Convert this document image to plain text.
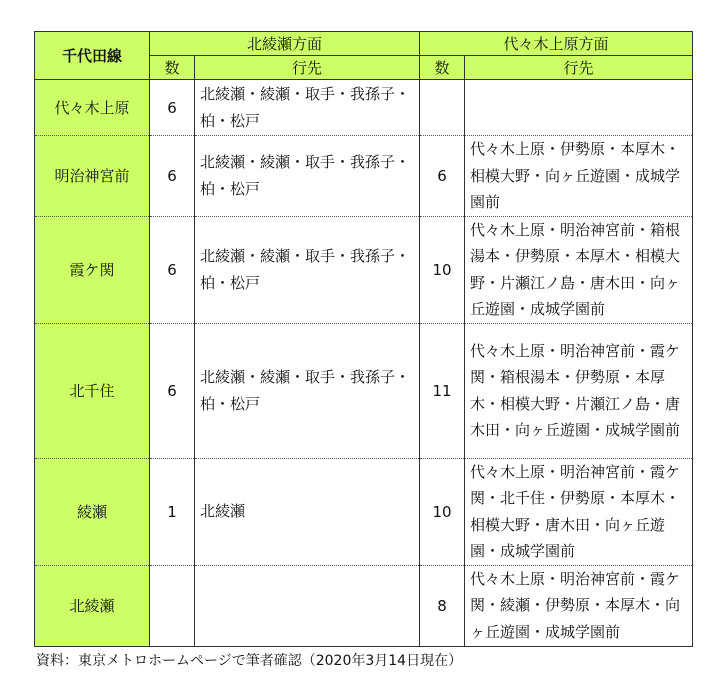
千代田線	北綾瀬方面		代々木上原方面	
	数	行先	数	行先
代々木上原	6	北綾瀬・綾瀬・取手・我孫子・柏・松戸		
明治神宮前	6	北綾瀬・綾瀬・取手・我孫子・柏・松戸	6	代々木上原・伊勢原・本厚木・相模大野・向ヶ丘遊園・成城学園前
霞ケ関	6	北綾瀬・綾瀬・取手・我孫子・柏・松戸	10	代々木上原・明治神宮前・箱根湯本・伊勢原・本厚木・相模大野・片瀬江ノ島・唐木田・向ヶ丘遊園・成城学園前
北千住	6	北綾瀬・綾瀬・取手・我孫子・柏・松戸	11	代々木上原・明治神宮前・霞ケ関・箱根湯本・伊勢原・本厚木・相模大野・片瀬江ノ島・唐木田・向ヶ丘遊園・成城学園前
綾瀬	1	北綾瀬	10	代々木上原・明治神宮前・霞ケ関・北千住・伊勢原・本厚木・相模大野・唐木田・向ヶ丘遊園・成城学園前
北綾瀬			8	代々木上原・明治神宮前・霞ケ関・綾瀬・伊勢原・本厚木・向ヶ丘遊園・成城学園前
資料：東京メトロホームページで筆者確認（2020年3月14日現在）
